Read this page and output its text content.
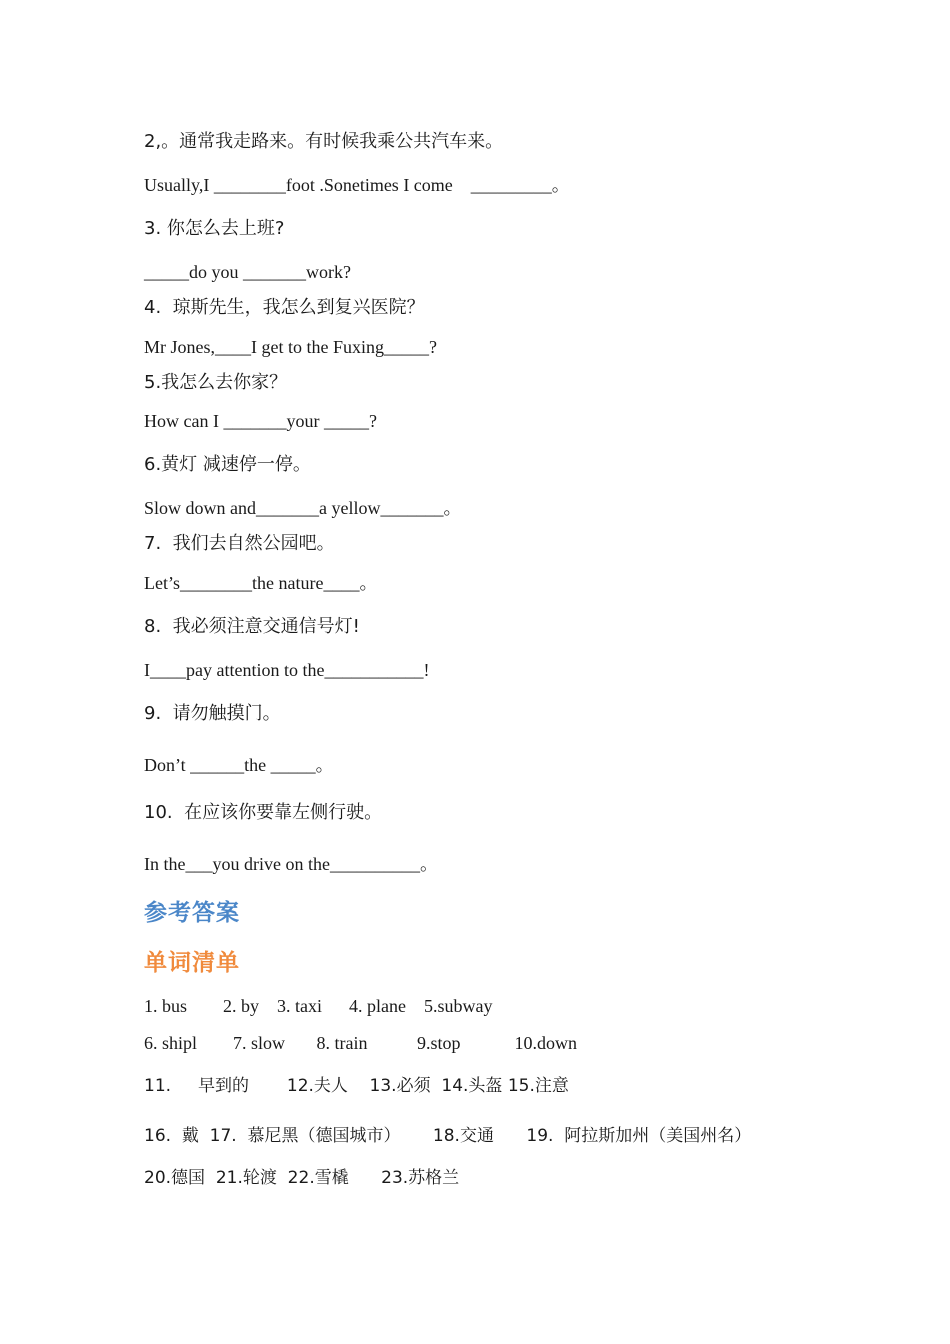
2,。通常我走路来。有时候我乘公共汽车来。
Usually,I ________foot .Sonetimes I come    _________。
3. 你怎么去上班?
_____do you _______work?
4.  琼斯先生，我怎么到复兴医院？
Mr Jones,____I get to the Fuxing_____?
5.我怎么去你家？
How can I _______your _____?
6.黄灯 减速停一停。
Slow down and_______a yellow_______。
7.  我们去自然公园吧。
Let’s________the nature____。
8.  我必须注意交通信号灯!
I____pay attention to the___________!
9.  请勿触摸门。
Don’t ______the _____。
10.  在应该你要靠左侧行驶。
In the___you drive on the__________。
参考答案
单词清单
1. bus        2. by    3. taxi      4. plane    5.subway
6. shipl        7. slow       8. train           9.stop            10.down
11.     早到的       12.夫人    13.必须  14.头盔 15.注意
16.  戴  17.  慕尼黑（德国城市）      18.交通      19.  阿拉斯加州（美国州名）
20.德国  21.轮渡  22.雪橇      23.苏格兰
